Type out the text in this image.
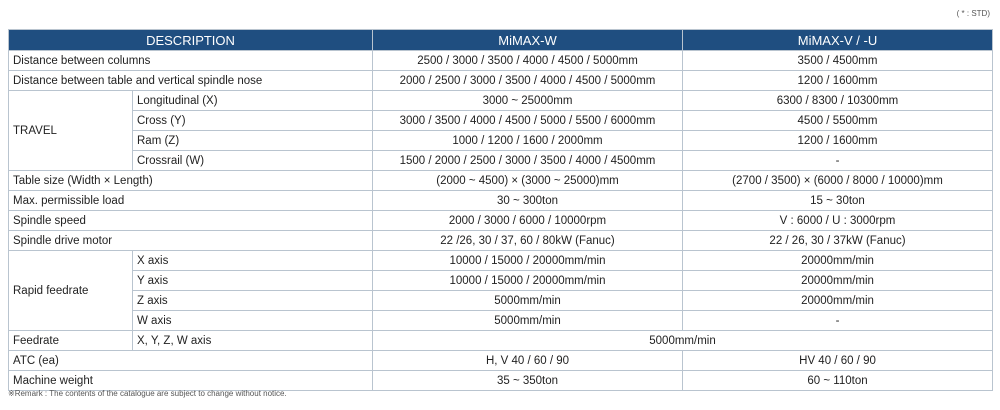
( * : STD)
DESCRIPTION		MiMAX-W	MiMAX-V / -U
Distance between columns		2500 / 3000 / 3500 / 4000 / 4500 / 5000mm	3500 / 4500mm
Distance between table and vertical spindle nose		2000 / 2500 / 3000 / 3500 / 4000 / 4500 / 5000mm	1200 / 1600mm
TRAVEL	Longitudinal (X)	3000 ~ 25000mm	6300 / 8300 / 10300mm
	Cross (Y)	3000 / 3500 / 4000 / 4500 / 5000 / 5500 / 6000mm	4500 / 5500mm
	Ram (Z)	1000 / 1200 / 1600 / 2000mm	1200 / 1600mm
	Crossrail (W)	1500 / 2000 / 2500 / 3000 / 3500 / 4000 / 4500mm	-
Table size (Width × Length)		(2000 ~ 4500) × (3000 ~ 25000)mm	(2700 / 3500) × (6000 / 8000 / 10000)mm
Max. permissible load		30 ~ 300ton	15 ~ 30ton
Spindle speed		2000 / 3000 / 6000 / 10000rpm	V : 6000 / U : 3000rpm
Spindle drive motor		22 /26, 30 / 37, 60 / 80kW (Fanuc)	22 / 26, 30 / 37kW (Fanuc)
Rapid feedrate	X axis	10000 / 15000 / 20000mm/min	20000mm/min
	Y axis	10000 / 15000 / 20000mm/min	20000mm/min
	Z axis	5000mm/min	20000mm/min
	W axis	5000mm/min	-
Feedrate	X, Y, Z, W axis	5000mm/min	
ATC (ea)		H, V 40 / 60 / 90	HV 40 / 60 / 90
Machine weight		35 ~ 350ton	60 ~ 110ton
※Remark : The contents of the catalogue are subject to change without notice.
